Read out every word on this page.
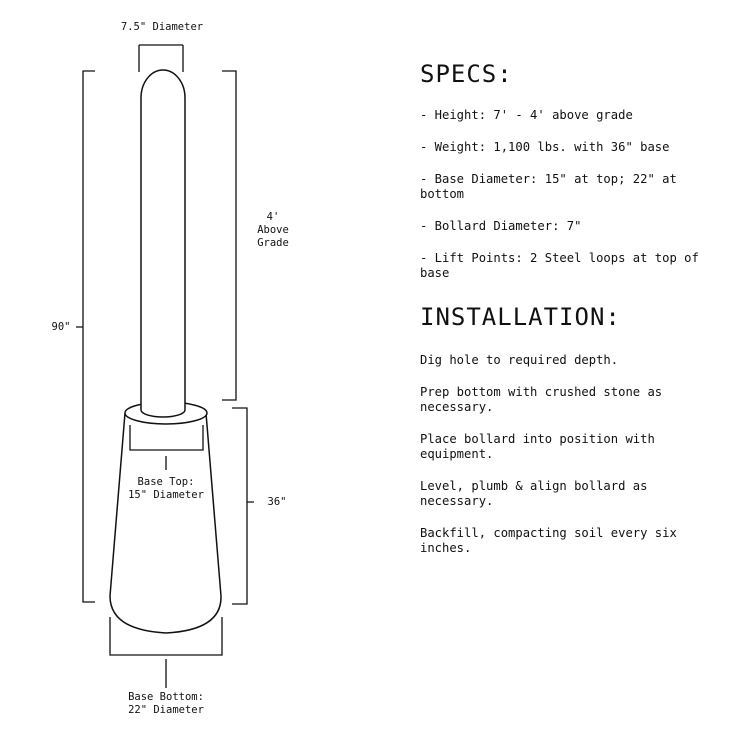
7.5" Diameter
4'
Above
Grade
90"
36"
Base Top:
15" Diameter
Base Bottom:
22" Diameter
SPECS:

- Height: 7' - 4' above grade

- Weight: 1,100 lbs. with 36" base

- Base Diameter: 15" at top; 22" at bottom

- Bollard Diameter: 7"

- Lift Points: 2 Steel loops at top of base

INSTALLATION:

Dig hole to required depth.

Prep bottom with crushed stone as necessary.

Place bollard into position with equipment.

Level, plumb & align bollard as necessary.

Backfill, compacting soil every six inches.
